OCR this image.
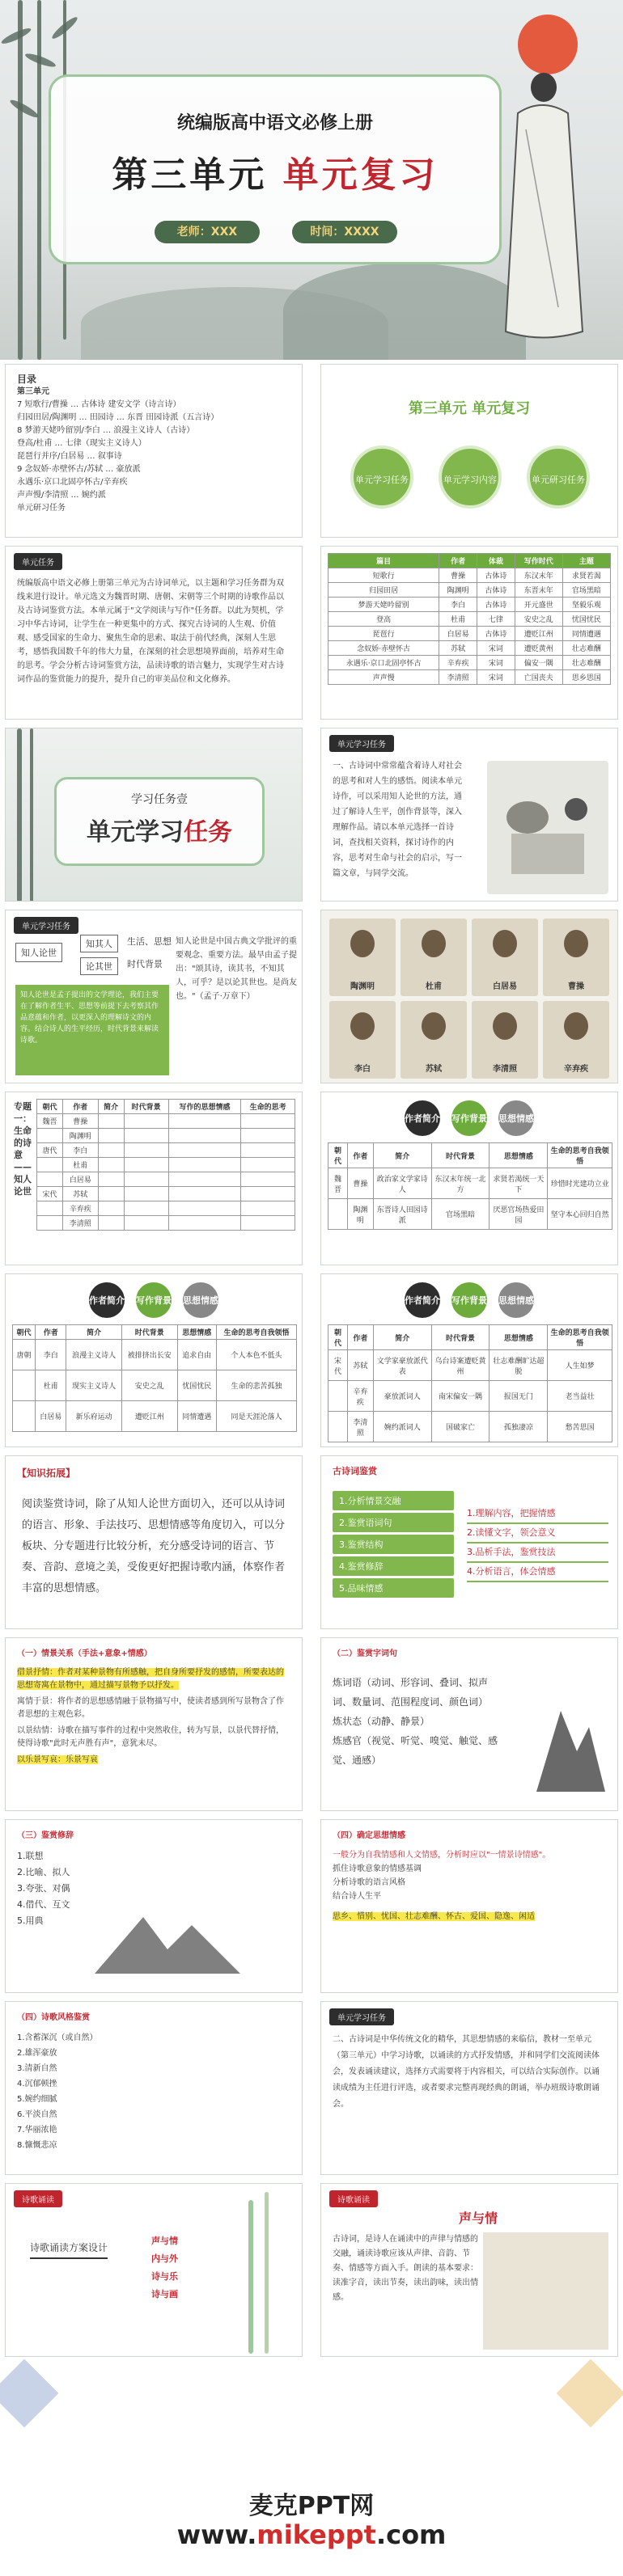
统编版高中语文必修上册
第三单元 单元复习
老师：XXX	时间：XXXX
目录
第三单元
7 短歌行/曹操 … 古体诗 建安文学（诗言诗）
归园田居/陶渊明 … 田园诗 … 东晋 田园诗派（五言诗）
8 梦游天姥吟留别/李白 … 浪漫主义诗人（古诗）
登高/杜甫 … 七律（现实主义诗人）
琵琶行并序/白居易 … 叙事诗
9 念奴娇·赤壁怀古/苏轼 … 豪放派
永遇乐·京口北固亭怀古/辛弃疾
声声慢/李清照 … 婉约派
单元研习任务
第三单元 单元复习
单元学习任务	单元学习内容	单元研习任务
单元任务
统编版高中语文必修上册第三单元为古诗词单元，以主题和学习任务群为双线来进行设计。单元选文为魏晋时期、唐朝、宋朝等三个时期的诗歌作品以及古诗词鉴赏方法。本单元属于"文学阅读与写作"任务群。以此为契机，学习中华古诗词，让学生在一种更集中的方式、探究古诗词的人生观、价值观、感受国家的生命力、聚焦生命的思索、取法于前代经典，深刻人生思考，感悟我国数千年的伟大力量，在深刻的社会思想境界面前，培养对生命的思考。学会分析古诗词鉴赏方法，品读诗歌的语言魅力，实现学生对古诗词作品的鉴赏能力的提升，提升自己的审美品位和文化修养。
篇目	作者	体裁	写作时代	主题
短歌行	曹操	古体诗	东汉末年	求贤若渴
归园田居	陶渊明	古体诗	东晋末年	官场黑暗
梦游天姥吟留别	李白	古体诗	开元盛世	坚毅乐观
登高	杜甫	七律	安史之乱	忧国忧民
琵琶行	白居易	古体诗	遭贬江州	同情遭遇
念奴娇·赤壁怀古	苏轼	宋词	遭贬黄州	壮志难酬
永遇乐·京口北固亭怀古	辛弃疾	宋词	偏安一隅	壮志难酬
声声慢	李清照	宋词	亡国丧夫	思乡思国
学习任务壹
单元学习任务
单元学习任务
一、古诗词中常常蕴含着诗人对社会的思考和对人生的感悟。阅读本单元诗作，可以采用知人论世的方法，通过了解诗人生平，创作背景等，深入理解作品。请以本单元选择一首诗词，查找相关资料，探讨诗作的内容，思考对生命与社会的启示，写一篇文章，与同学交流。
单元学习任务
知人论世
知其人
论其世
生活、思想
时代背景
知人论世是孟子提出的文学理论，我们主要在了解作者生平、思想等前提下去考察其作品意蕴和作者，以更深入的理解诗文的内容。结合诗人的生平经历，时代背景来解读诗歌。
知人论世是中国古典文学批评的重要观念、重要方法。最早由孟子提出："颂其诗，读其书，不知其人，可乎？是以论其世也。是尚友也。"（孟子·万章下）
陶渊明	杜甫	白居易	曹操
李白	苏轼	李清照	辛弃疾
专题一：生命的诗意——知人论世
朝代	作者	简介	时代背景	写作的思想情感	生命的思考
魏晋	曹操				
	陶渊明				
唐代	李白				
	杜甫				
	白居易				
宋代	苏轼				
	辛弃疾				
	李清照				
作者简介 写作背景 思想情感
朝代	作者	简介	时代背景	思想情感	生命的思考自我领悟
魏晋	曹操	政治家文学家诗人	东汉末年统一北方	求贤若渴统一天下	珍惜时光建功立业
	陶渊明	东晋诗人田园诗派	官场黑暗	厌恶官场热爱田园	坚守本心回归自然
作者简介 写作背景 思想情感
朝代	作者	简介	时代背景	思想情感	生命的思考自我领悟
唐朝	李白	浪漫主义诗人	被排挤出长安	追求自由	个人本色不低头
	杜甫	现实主义诗人	安史之乱	忧国忧民	生命的悲苦孤独
	白居易	新乐府运动	遭贬江州	同情遭遇	同是天涯沦落人
作者简介 写作背景 思想情感
朝代	作者	简介	时代背景	思想情感	生命的思考自我领悟
宋代	苏轼	文学家豪放派代表	乌台诗案遭贬黄州	壮志难酬旷达超脱	人生如梦
	辛弃疾	豪放派词人	南宋偏安一隅	报国无门	老当益壮
	李清照	婉约派词人	国破家亡	孤独凄凉	愁苦思国
【知识拓展】
阅读鉴赏诗词，除了从知人论世方面切入，还可以从诗词的语言、形象、手法技巧、思想情感等角度切入，可以分板块、分专题进行比较分析，充分感受诗词的语言、节奏、音韵、意境之美，受俊更好把握诗歌内涵，体察作者丰富的思想情感。
古诗词鉴赏
1.分析情景交融
2.鉴赏语词句
3.鉴赏结构
4.鉴赏修辞
5.品味情感
1.理解内容，把握情感
2.读懂文字，领会意义
3.品析手法，鉴赏技法
4.分析语言，体会情感
（一）情景关系（手法+意象+情感）

借景抒情：作者对某种景物有所感触，把自身所要抒发的感情，所要表达的思想寄寓在景物中，通过描写景物予以抒发。

寓情于景：将作者的思想感情融于景物描写中，使读者感到所写景物含了作者思想的主观色彩。

以景结情：诗歌在描写事件的过程中突然收住，转为写景，以景代替抒情，使得诗歌"此时无声胜有声"，意犹未尽。

以乐景写哀：乐景写哀

（二）鉴赏字词句

炼词语（动词、形容词、叠词、拟声词、数量词、范围程度词、颜色词）

炼状态（动静、静景）

炼感官（视觉、听觉、嗅觉、触觉、感觉、通感）

（三）鉴赏修辞

1.联想

2.比喻、拟人

3.夸张、对偶

4.借代、互文

5.用典

（四）确定思想情感

一般分为自我情感和人文情感，分析时应以"一情景诗情感"。

抓住诗歌意象的情感基调

分析诗歌的语言风格

结合诗人生平

思乡、惜别、忧国、壮志难酬、怀古、爱国、隐逸、闲适

（四）诗歌风格鉴赏

1.含蓄深沉（或自然）

2.雄浑豪放

3.清新自然

4.沉郁顿挫

5.婉约细腻

6.平淡自然

7.华丽浓艳

8.慷慨悲凉

单元学习任务
二、古诗词是中华传统文化的精华，其思想情感的来临信，教材一至单元（第三单元）中学习诗歌，以诵读的方式抒发情感，并和同学们交流阅读体会，发表诵读建议，选择方式需要将于内容相关，可以结合实际创作。以诵读成绩为主任进行评选，或者要求完整再现经典的朗诵，举办班级诗歌朗诵会。
诗歌诵读
诗歌诵读方案设计

声与情

内与外

诗与乐

诗与画

诗歌诵读
声与情
古诗词，是诗人在诵读中的声律与情感的交融，诵读诗歌应该从声律、音韵、节奏、情感等方面入手。朗读的基本要求：读准字音，读出节奏，读出韵味，读出情感。
麦克PPT网
www.mikeppt.com
